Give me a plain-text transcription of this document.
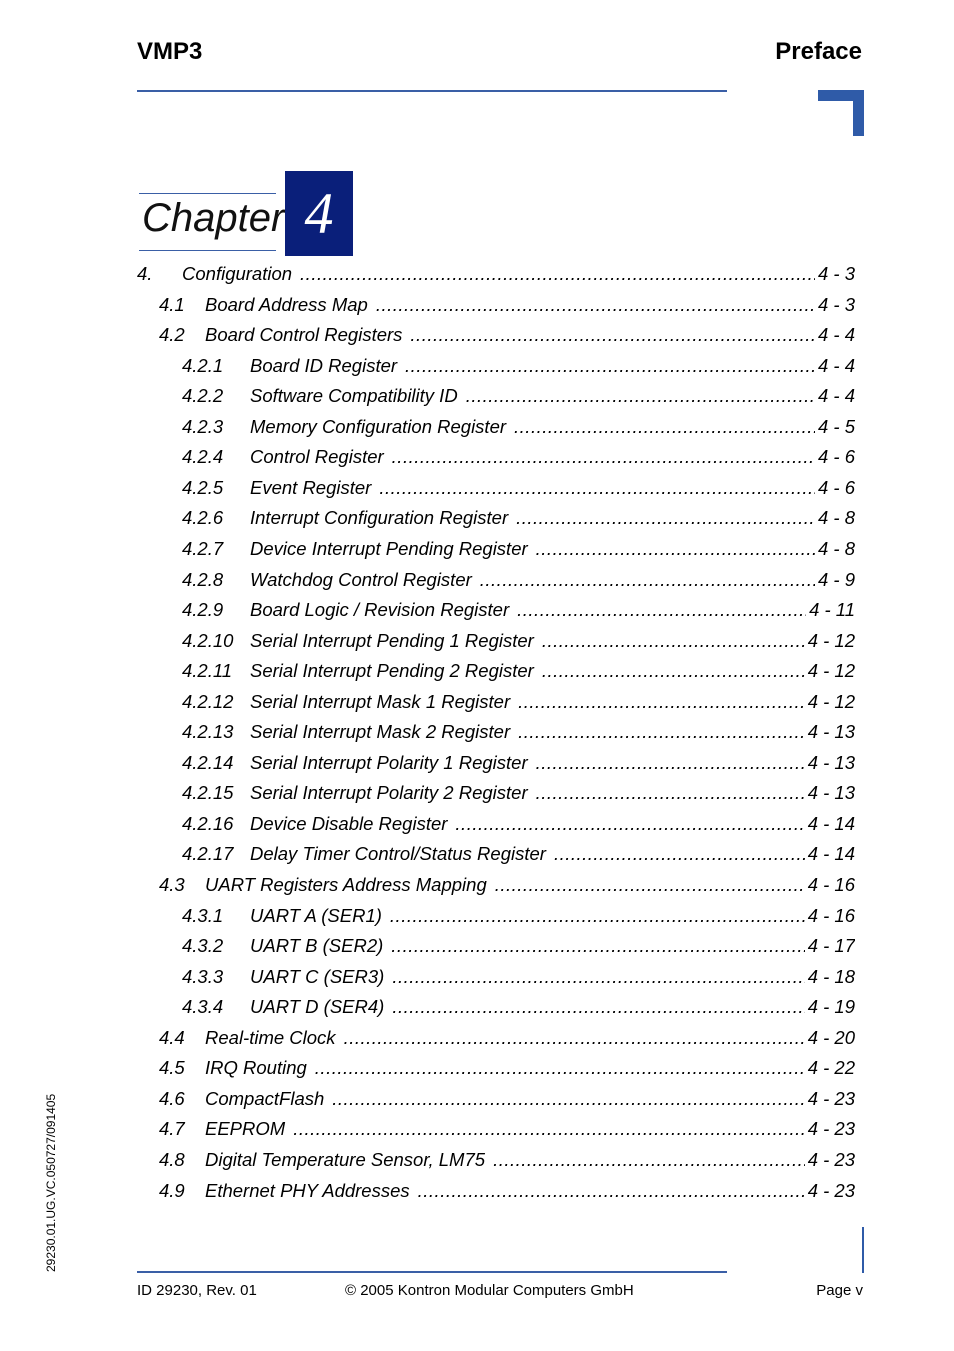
VMP3	Preface
Chapter 4
4.	Configuration .....	4 - 3
4.1	Board Address Map .....	4 - 3
4.2	Board Control Registers .....	4 - 4
4.2.1	Board ID Register .....	4 - 4
4.2.2	Software Compatibility ID .....	4 - 4
4.2.3	Memory Configuration Register .....	4 - 5
4.2.4	Control Register .....	4 - 6
4.2.5	Event Register .....	4 - 6
4.2.6	Interrupt Configuration Register .....	4 - 8
4.2.7	Device Interrupt Pending Register .....	4 - 8
4.2.8	Watchdog Control Register .....	4 - 9
4.2.9	Board Logic / Revision Register .....	4 - 11
4.2.10 Serial Interrupt Pending 1 Register .....	4 - 12
4.2.11 Serial Interrupt Pending 2 Register .....	4 - 12
4.2.12 Serial Interrupt Mask 1 Register .....	4 - 12
4.2.13 Serial Interrupt Mask 2 Register .....	4 - 13
4.2.14 Serial Interrupt Polarity 1 Register .....	4 - 13
4.2.15 Serial Interrupt Polarity 2 Register .....	4 - 13
4.2.16 Device Disable Register .....	4 - 14
4.2.17 Delay Timer Control/Status Register .....	4 - 14
4.3	UART Registers Address Mapping .....	4 - 16
4.3.1	UART A (SER1) .....	4 - 16
4.3.2	UART B (SER2) .....	4 - 17
4.3.3	UART C (SER3) .....	4 - 18
4.3.4	UART D (SER4) .....	4 - 19
4.4	Real-time Clock .....	4 - 20
4.5	IRQ Routing .....	4 - 22
4.6	CompactFlash .....	4 - 23
4.7	EEPROM .....	4 - 23
4.8	Digital Temperature Sensor, LM75 .....	4 - 23
4.9	Ethernet PHY Addresses .....	4 - 23
29230.01.UG.VC.050727/091405
ID 29230, Rev. 01	© 2005 Kontron Modular Computers GmbH	Page v
